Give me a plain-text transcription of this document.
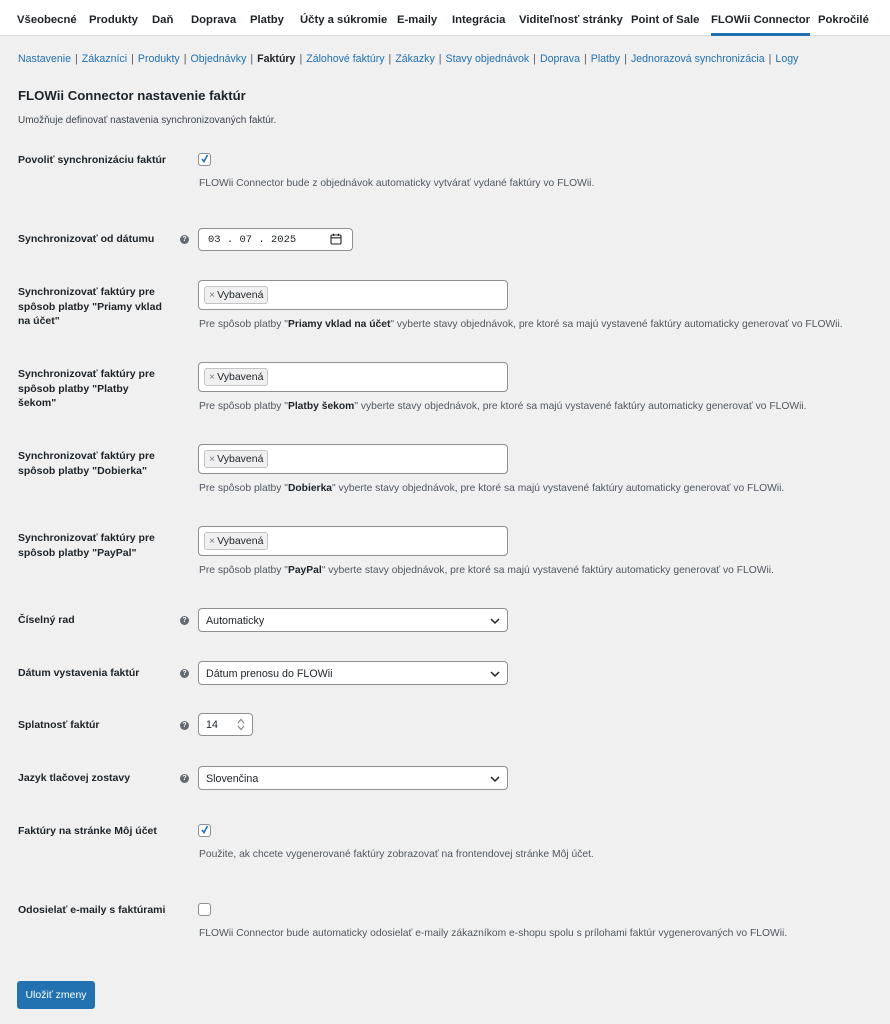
Všeobecné Produkty Daň Doprava Platby Účty a súkromie E-maily Integrácia Viditeľnosť stránky Point of Sale FLOWii Connector Pokročilé
Nastavenie | Zákazníci | Produkty | Objednávky | Faktúry | Zálohové faktúry | Zákazky | Stavy objednávok | Doprava | Platby | Jednorazová synchronizácia | Logy
FLOWii Connector nastavenie faktúr
Umožňuje definovať nastavenia synchronizovaných faktúr.
Povoliť synchronizáciu faktúr
FLOWii Connector bude z objednávok automaticky vytvárať vydané faktúry vo FLOWii.
Synchronizovať od dátumu	? 03 . 07 . 2025
Synchronizovať faktúry pre spôsob platby "Priamy vklad na účet"
× Vybavená
Pre spôsob platby "Priamy vklad na účet" vyberte stavy objednávok, pre ktoré sa majú vystavené faktúry automaticky generovať vo FLOWii.
Synchronizovať faktúry pre spôsob platby "Platby šekom"
× Vybavená
Pre spôsob platby "Platby šekom" vyberte stavy objednávok, pre ktoré sa majú vystavené faktúry automaticky generovať vo FLOWii.
Synchronizovať faktúry pre spôsob platby "Dobierka"
× Vybavená
Pre spôsob platby "Dobierka" vyberte stavy objednávok, pre ktoré sa majú vystavené faktúry automaticky generovať vo FLOWii.
Synchronizovať faktúry pre spôsob platby "PayPal"
× Vybavená
Pre spôsob platby "PayPal" vyberte stavy objednávok, pre ktoré sa majú vystavené faktúry automaticky generovať vo FLOWii.
Číselný rad	? Automaticky
Dátum vystavenia faktúr	? Dátum prenosu do FLOWii
Splatnosť faktúr	? 14
Jazyk tlačovej zostavy	? Slovenčina
Faktúry na stránke Môj účet
Použite, ak chcete vygenerované faktúry zobrazovať na frontendovej stránke Môj účet.
Odosielať e-maily s faktúrami
FLOWii Connector bude automaticky odosielať e-maily zákazníkom e-shopu spolu s prílohami faktúr vygenerovaných vo FLOWii.
Uložiť zmeny
